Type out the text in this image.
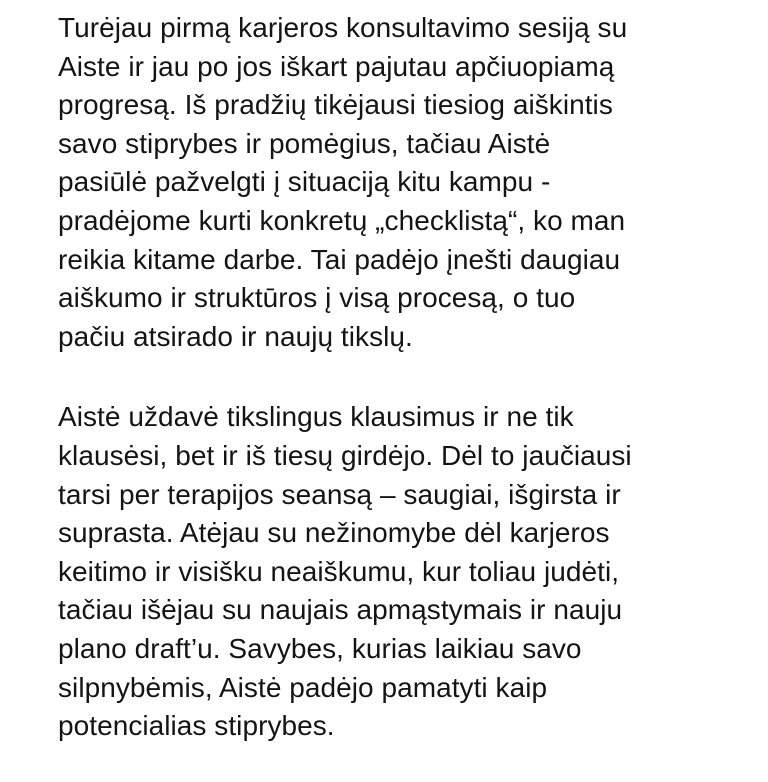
Turėjau pirmą karjeros konsultavimo sesiją su
Aiste ir jau po jos iškart pajutau apčiuopiamą
progresą. Iš pradžių tikėjausi tiesiog aiškintis
savo stiprybes ir pomėgius, tačiau Aistė
pasiūlė pažvelgti į situaciją kitu kampu -
pradėjome kurti konkretų „checklistą“, ko man
reikia kitame darbe. Tai padėjo įnešti daugiau
aiškumo ir struktūros į visą procesą, o tuo
pačiu atsirado ir naujų tikslų.
Aistė uždavė tikslingus klausimus ir ne tik
klausėsi, bet ir iš tiesų girdėjo. Dėl to jaučiausi
tarsi per terapijos seansą – saugiai, išgirsta ir
suprasta. Atėjau su nežinomybe dėl karjeros
keitimo ir visišku neaiškumu, kur toliau judėti,
tačiau išėjau su naujais apmąstymais ir nauju
plano draft’u. Savybes, kurias laikiau savo
silpnybėmis, Aistė padėjo pamatyti kaip
potencialias stiprybes.
